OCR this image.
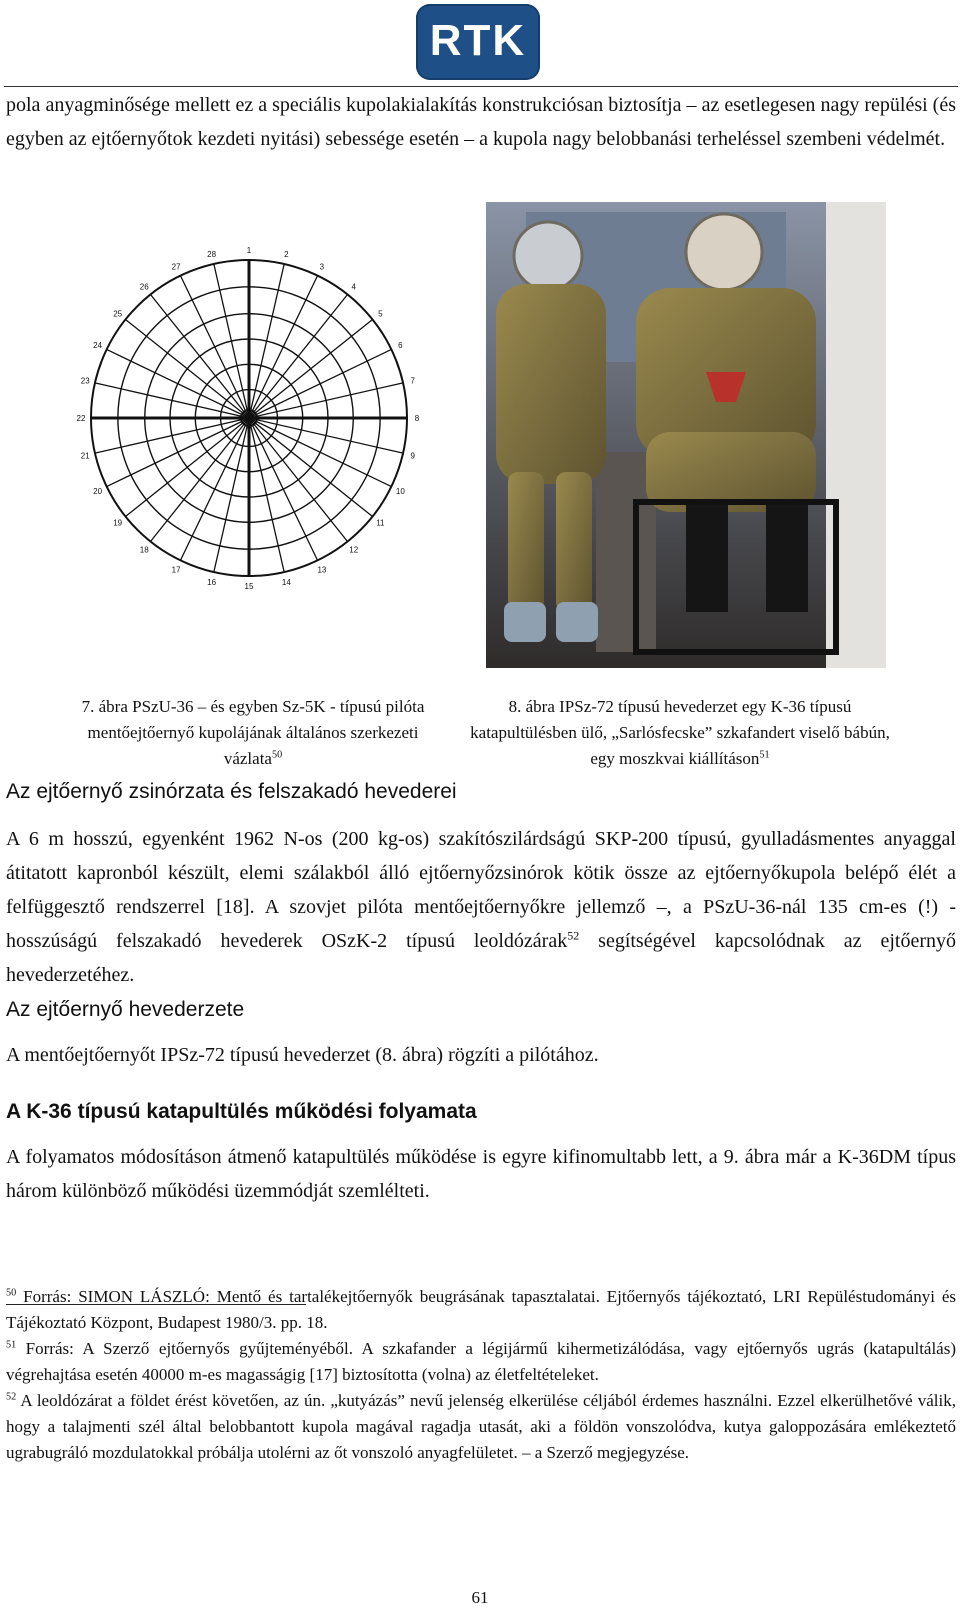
RTK

pola anyagminősége mellett ez a speciális kupolakialakítás konstrukciósan biztosítja – az esetlegesen nagy repülési (és egyben az ejtőernyőtok kezdeti nyitási) sebessége esetén – a kupola nagy belobbanási terheléssel szembeni védelmét.

1	2
3
4
5
6
7
8
9
10
11
12
13
14
15
16
17
18
19
20
21
22
23
24
25
26
27
28

7. ábra PSzU-36 – és egyben Sz-5K - típusú pilóta mentőejtőernyő kupolájának általános szerkezeti vázlata$^{50}$

8. ábra IPSz-72 típusú hevederzet egy K-36 típusú katapultülésben ülő, „Sarlósfecske” szkafandert viselő bábún, egy moszkvai kiállításon$^{51}$

Az ejtőernyő zsinórzata és felszakadó hevederei

A 6 m hosszú, egyenként 1962 N-os (200 kg-os) szakítószilárdságú SKP-200 típusú, gyulladásmentes anyaggal átitatott kapronból készült, elemi szálakból álló ejtőernyőzsinórok kötik össze az ejtőernyőkupola belépő élét a felfüggesztő rendszerrel [18]. A szovjet pilóta mentőejtőernyőkre jellemző –, a PSzU-36-nál 135 cm-es (!) - hosszúságú felszakadó hevederek OSzK-2 típusú leoldózárak$^{52}$ segítségével kapcsolódnak az ejtőernyő hevederzetéhez.

Az ejtőernyő hevederzete

A mentőejtőernyőt IPSz-72 típusú hevederzet (8. ábra) rögzíti a pilótához.

A K-36 típusú katapultülés működési folyamata

A folyamatos módosításon átmenő katapultülés működése is egyre kifinomultabb lett, a 9. ábra már a K-36DM típus három különböző működési üzemmódját szemlélteti.

$^{50}$ Forrás: SIMON LÁSZLÓ: Mentő és tartalékejtőernyők beugrásának tapasztalatai. Ejtőernyős tájékoztató, LRI Repüléstudományi és Tájékoztató Központ, Budapest 1980/3. pp. 18.

$^{51}$ Forrás: A Szerző ejtőernyős gyűjteményéből. A szkafander a légijármű kihermetizálódása, vagy ejtőernyős ugrás (katapultálás) végrehajtása esetén 40000 m-es magasságig [17] biztosította (volna) az életfeltételeket.

$^{52}$ A leoldózárat a földet érést követően, az ún. „kutyázás” nevű jelenség elkerülése céljából érdemes használni. Ezzel elkerülhetővé válik, hogy a talajmenti szél által belobbantott kupola magával ragadja utasát, aki a földön vonszolódva, kutya galoppozására emlékeztető ugrabugráló mozdulatokkal próbálja utolérni az őt vonszoló anyagfelületet. – a Szerző megjegyzése.

61
